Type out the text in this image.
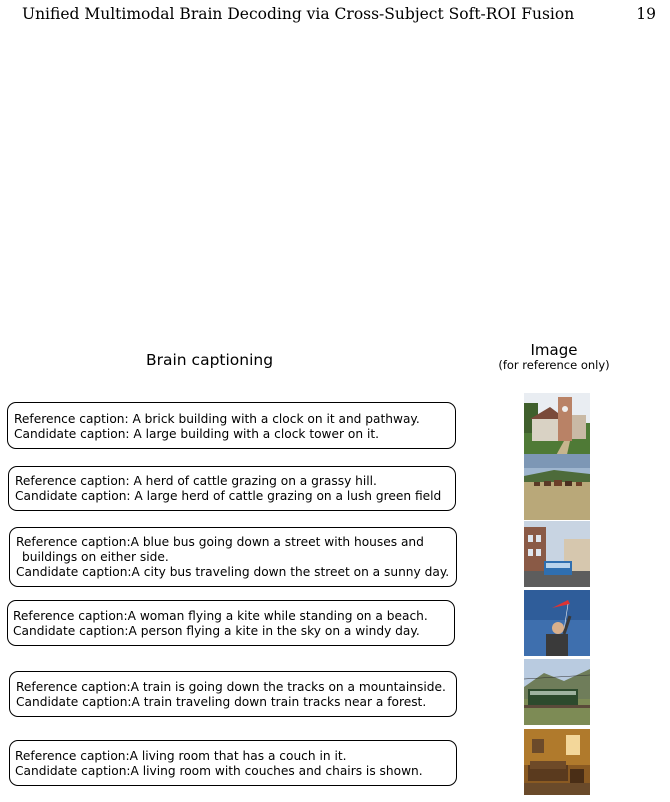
Unified Multimodal Brain Decoding via Cross-Subject Soft-ROI Fusion	19
Brain captioning
Image
(for reference only)
Reference caption: A brick building with a clock on it and pathway.
Candidate caption: A large building with a clock tower on it.
Reference caption: A herd of cattle grazing on a grassy hill.
Candidate caption: A large herd of cattle grazing on a lush green field
Reference caption:A blue bus going down a street with houses and
buildings on either side.
Candidate caption:A city bus traveling down the street on a sunny day.
Reference caption:A woman flying a kite while standing on a beach.
Candidate caption:A person flying a kite in the sky on a windy day.
Reference caption:A train is going down the tracks on a mountainside.
Candidate caption:A train traveling down train tracks near a forest.
Reference caption:A living room that has a couch in it.
Candidate caption:A living room with couches and chairs is shown.
